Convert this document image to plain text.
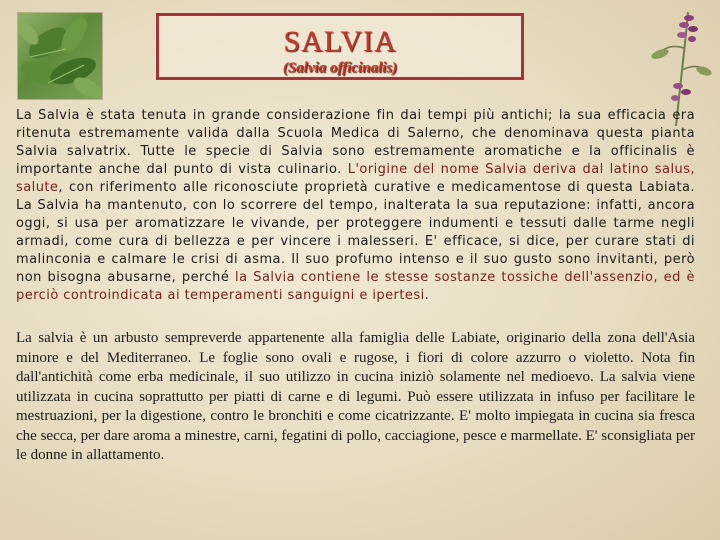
SALVIA

(Salvia officinalis)

La Salvia è stata tenuta in grande considerazione fin dai tempi più antichi; la sua efficacia era ritenuta estremamente valida dalla Scuola Medica di Salerno, che denominava questa pianta Salvia salvatrix. Tutte le specie di Salvia sono estremamente aromatiche e la officinalis è importante anche dal punto di vista culinario. L'origine del nome Salvia deriva dal latino salus, salute, con riferimento alle riconosciute proprietà curative e medicamentose di questa Labiata. La Salvia ha mantenuto, con lo scorrere del tempo, inalterata la sua reputazione: infatti, ancora oggi, si usa per aromatizzare le vivande, per proteggere indumenti e tessuti dalle tarme negli armadi, come cura di bellezza e per vincere i malesseri. E' efficace, si dice, per curare stati di malinconia e calmare le crisi di asma. Il suo profumo intenso e il suo gusto sono invitanti, però non bisogna abusarne, perché la Salvia contiene le stesse sostanze tossiche dell'assenzio, ed è perciò controindicata ai temperamenti sanguigni e ipertesi.

La salvia è un arbusto sempreverde appartenente alla famiglia delle Labiate, originario della zona dell'Asia minore e del Mediterraneo. Le foglie sono ovali e rugose, i fiori di colore azzurro o violetto. Nota fin dall'antichità come erba medicinale, il suo utilizzo in cucina iniziò solamente nel medioevo. La salvia viene utilizzata in cucina soprattutto per piatti di carne e di legumi. Può essere utilizzata in infuso per facilitare le mestruazioni, per la digestione, contro le bronchiti e come cicatrizzante. E' molto impiegata in cucina sia fresca che secca, per dare aroma a minestre, carni, fegatini di pollo, cacciagione, pesce e marmellate. E' sconsigliata per le donne in allattamento.
